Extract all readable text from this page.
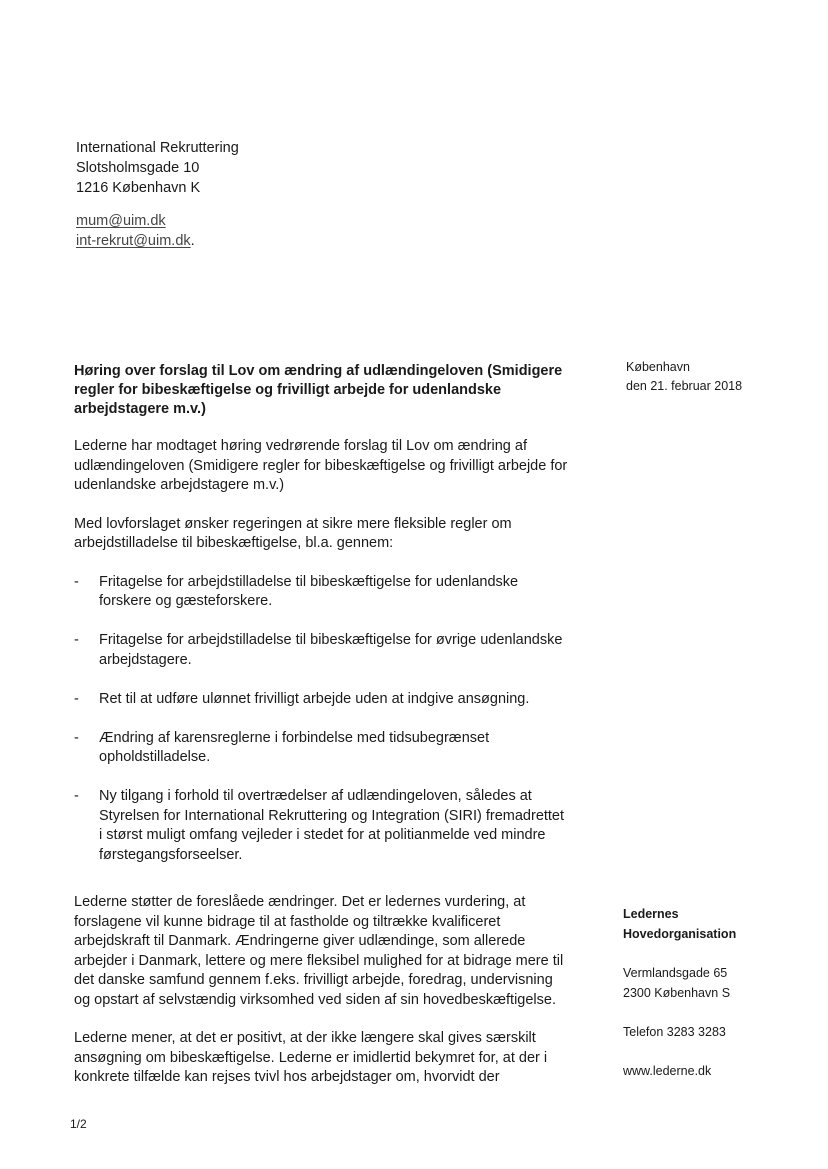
International Rekruttering
Slotsholmsgade 10
1216 København K
mum@uim.dk
int-rekrut@uim.dk.
København
den 21. februar 2018
Høring over forslag til Lov om ændring af udlændingeloven (Smidigere regler for bibeskæftigelse og frivilligt arbejde for udenlandske arbejdstagere m.v.)
Lederne har modtaget høring vedrørende forslag til Lov om ændring af udlændingeloven (Smidigere regler for bibeskæftigelse og frivilligt arbejde for udenlandske arbejdstagere m.v.)
Med lovforslaget ønsker regeringen at sikre mere fleksible regler om arbejdstilladelse til bibeskæftigelse, bl.a. gennem:
- Fritagelse for arbejdstilladelse til bibeskæftigelse for udenlandske forskere og gæsteforskere.
- Fritagelse for arbejdstilladelse til bibeskæftigelse for øvrige udenlandske arbejdstagere.
- Ret til at udføre ulønnet frivilligt arbejde uden at indgive ansøgning.
- Ændring af karensreglerne i forbindelse med tidsubegrænset opholdstilladelse.
- Ny tilgang i forhold til overtrædelser af udlændingeloven, således at Styrelsen for International Rekruttering og Integration (SIRI) fremadrettet i størst muligt omfang vejleder i stedet for at politianmelde ved mindre førstegangsforseelser.
Lederne støtter de foreslåede ændringer. Det er ledernes vurdering, at forslagene vil kunne bidrage til at fastholde og tiltrække kvalificeret arbejdskraft til Danmark. Ændringerne giver udlændinge, som allerede arbejder i Danmark, lettere og mere fleksibel mulighed for at bidrage mere til det danske samfund gennem f.eks. frivilligt arbejde, foredrag, undervisning og opstart af selvstændig virksomhed ved siden af sin hovedbeskæftigelse.
Lederne mener, at det er positivt, at der ikke længere skal gives særskilt ansøgning om bibeskæftigelse. Lederne er imidlertid bekymret for, at der i konkrete tilfælde kan rejses tvivl hos arbejdstager om, hvorvidt der
Ledernes
Hovedorganisation
Vermlandsgade 65
2300 København S
Telefon 3283 3283
www.lederne.dk
1/2
